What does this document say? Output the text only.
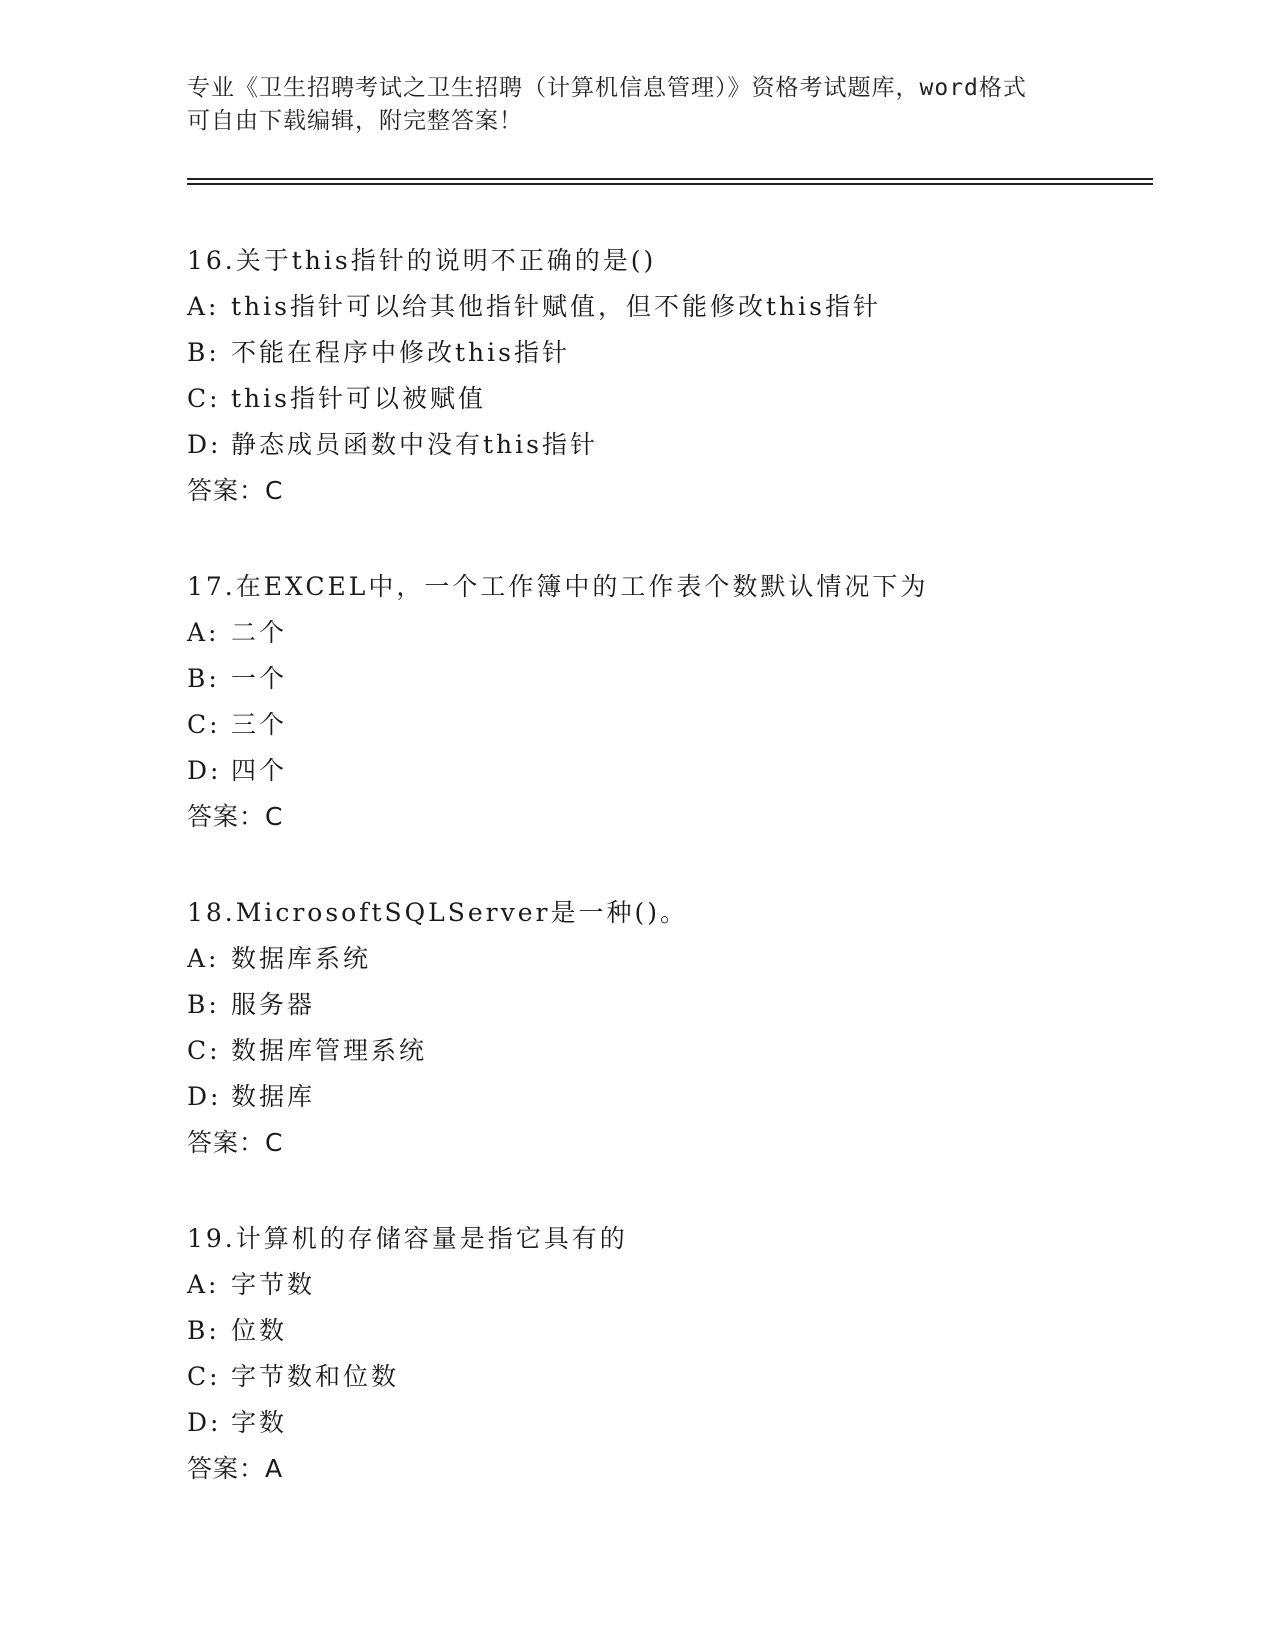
专业《卫生招聘考试之卫生招聘（计算机信息管理）》资格考试题库，word格式
可自由下载编辑，附完整答案！
16.关于this指针的说明不正确的是()
A: this指针可以给其他指针赋值，但不能修改this指针
B: 不能在程序中修改this指针
C: this指针可以被赋值
D: 静态成员函数中没有this指针
答案：C
17.在EXCEL中，一个工作簿中的工作表个数默认情况下为
A: 二个
B: 一个
C: 三个
D: 四个
答案：C
18.MicrosoftSQLServer是一种()。
A: 数据库系统
B: 服务器
C: 数据库管理系统
D: 数据库
答案：C
19.计算机的存储容量是指它具有的
A: 字节数
B: 位数
C: 字节数和位数
D: 字数
答案：A
